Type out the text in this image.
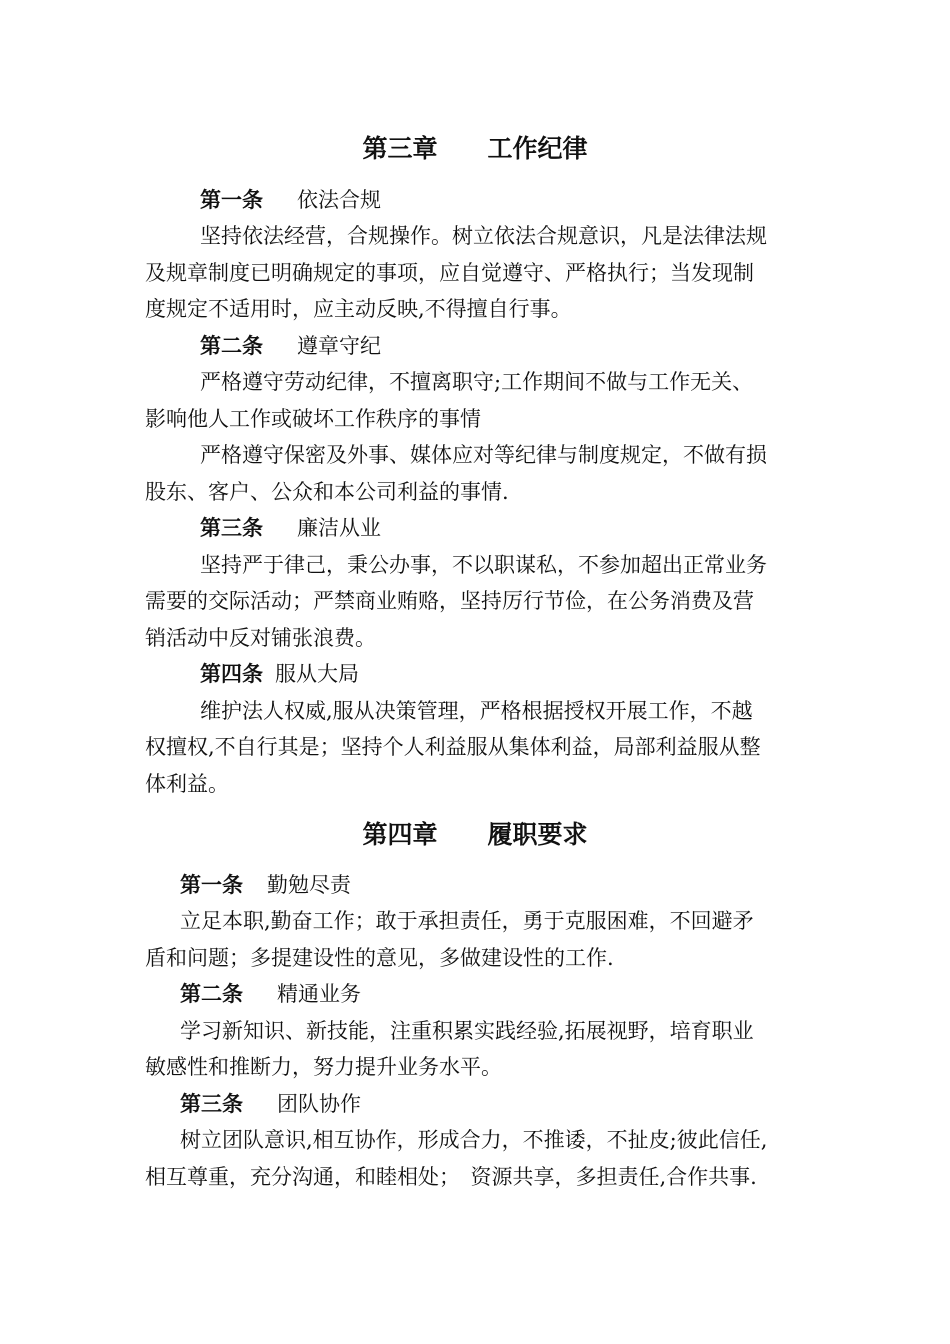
第三章　　工作纪律
第一条 依法合规
坚持依法经营，合规操作。树立依法合规意识，凡是法律法规
及规章制度已明确规定的事项，应自觉遵守、严格执行；当发现制
度规定不适用时，应主动反映,不得擅自行事。
第二条 遵章守纪
严格遵守劳动纪律，不擅离职守;工作期间不做与工作无关、
影响他人工作或破坏工作秩序的事情
严格遵守保密及外事、媒体应对等纪律与制度规定，不做有损
股东、客户、公众和本公司利益的事情.
第三条 廉洁从业
坚持严于律己，秉公办事，不以职谋私，不参加超出正常业务
需要的交际活动；严禁商业贿赂，坚持厉行节俭，在公务消费及营
销活动中反对铺张浪费。
第四条 服从大局
维护法人权威,服从决策管理，严格根据授权开展工作，不越
权擅权,不自行其是；坚持个人利益服从集体利益，局部利益服从整
体利益。
第四章　　履职要求
第一条 勤勉尽责
立足本职,勤奋工作；敢于承担责任，勇于克服困难，不回避矛
盾和问题；多提建设性的意见，多做建设性的工作.
第二条 精通业务
学习新知识、新技能，注重积累实践经验,拓展视野，培育职业
敏感性和推断力，努力提升业务水平。
第三条 团队协作
树立团队意识,相互协作，形成合力，不推诿，不扯皮;彼此信任,
相互尊重，充分沟通，和睦相处；　资源共享，多担责任,合作共事.
